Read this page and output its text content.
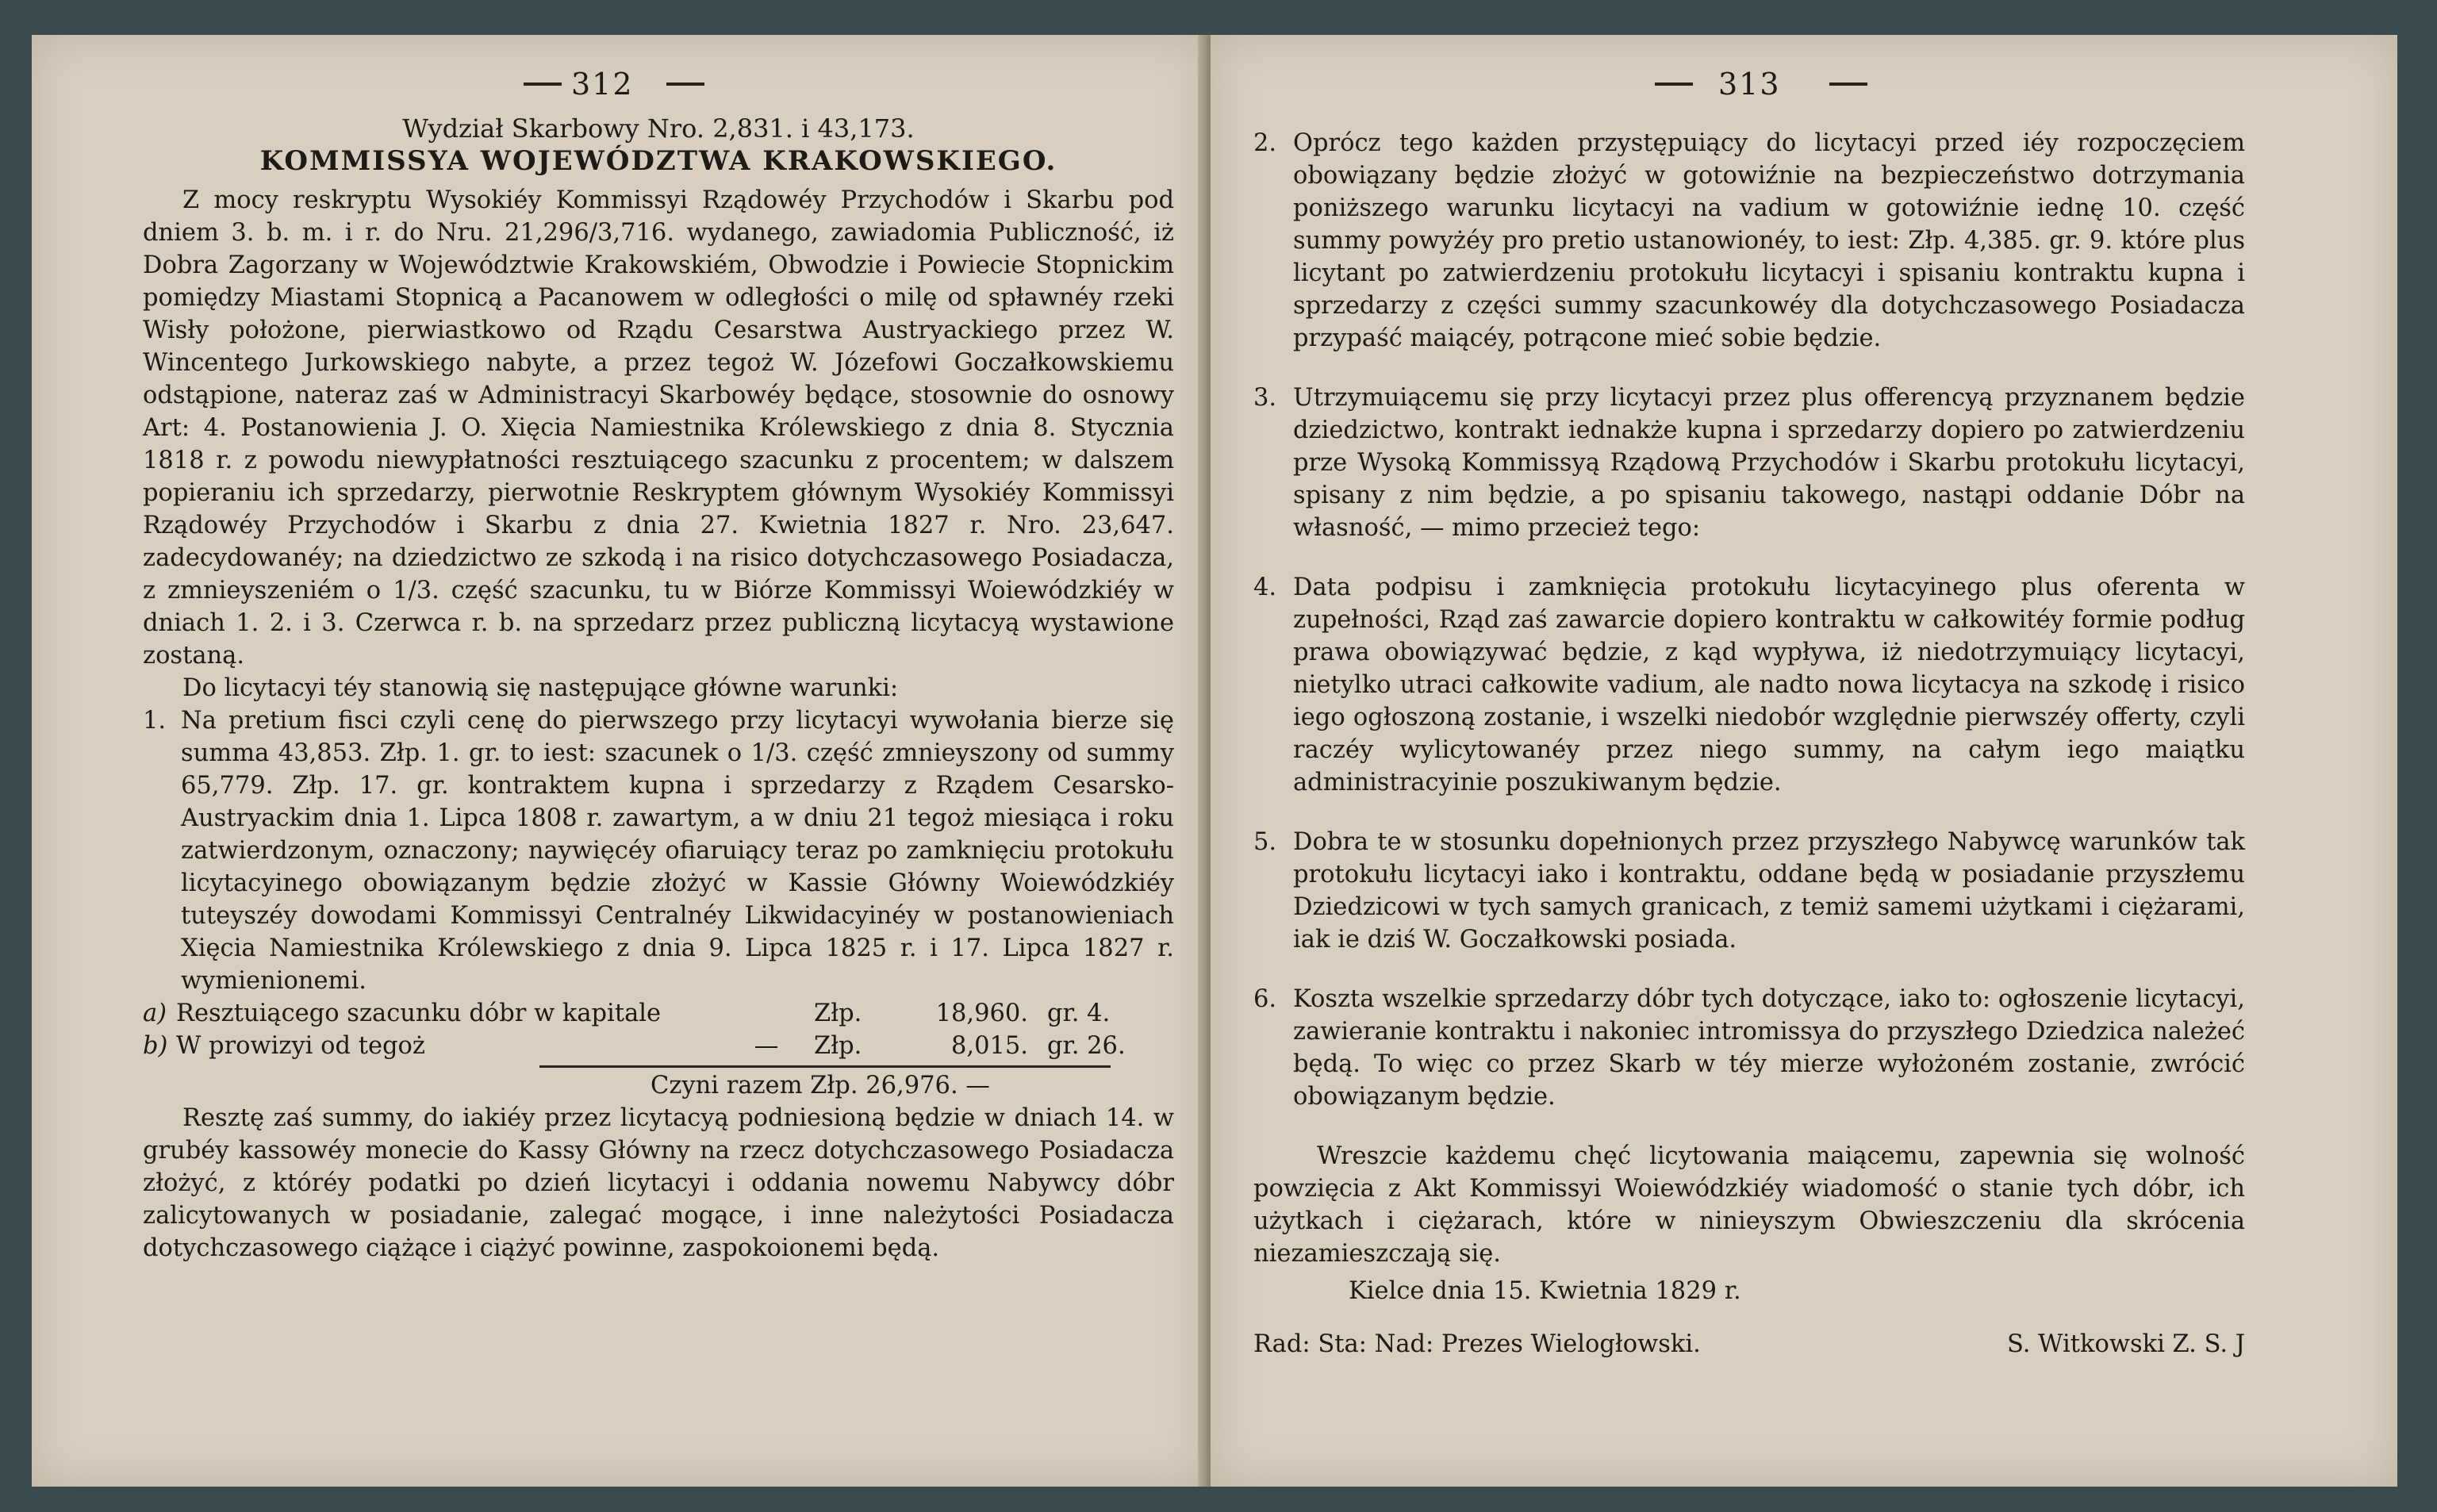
312	313
Wydział Skarbowy Nro. 2,831. i 43,173.
KOMMISSYA WOJEWÓDZTWA KRAKOWSKIEGO.
Z mocy reskryptu Wysokiéy Kommissyi Rządowéy Przychodów i Skarbu pod dniem 3. b. m. i r. do Nru. 21,296/3,716. wydanego, zawiadomia Publiczność, iż Dobra Zagorzany w Województwie Krakowskiém, Obwodzie i Powiecie Stopnickim pomiędzy Miastami Stopnicą a Pacanowem w odległości o milę od spławnéy rzeki Wisły położone, pierwiastkowo od Rządu Cesarstwa Austryackiego przez W. Wincentego Jurkowskiego nabyte, a przez tegoż W. Józefowi Goczałkowskiemu odstąpione, nateraz zaś w Administracyi Skarbowéy będące, stosownie do osnowy Art: 4. Postanowienia J. O. Xięcia Namiestnika Królewskiego z dnia 8. Stycznia 1818 r. z powodu niewypłatności resztuiącego szacunku z procentem; w dalszem popieraniu ich sprzedarzy, pierwotnie Reskryptem głównym Wysokiéy Kommissyi Rządowéy Przychodów i Skarbu z dnia 27. Kwietnia 1827 r. Nro. 23,647. zadecydowanéy; na dziedzictwo ze szkodą i na risico dotychczasowego Posiadacza, z zmnieyszeniém o 1/3. część szacunku, tu w Biórze Kommissyi Woiewódzkiéy w dniach 1. 2. i 3. Czerwca r. b. na sprzedarz przez publiczną licytacyą wystawione zostaną.
Do licytacyi téy stanowią się następujące główne warunki:
1. Na pretium fisci czyli cenę do pierwszego przy licytacyi wywołania bierze się summa 43,853. Złp. 1. gr. to iest: szacunek o 1/3. część zmnieyszony od summy 65,779. Złp. 17. gr. kontraktem kupna i sprzedarzy z Rządem Cesarsko-Austryackim dnia 1. Lipca 1808 r. zawartym, a w dniu 21 tegoż miesiąca i roku zatwierdzonym, oznaczony; naywięcéy ofiaruiący teraz po zamknięciu protokułu licytacyinego obowiązanym będzie złożyć w Kassie Główny Woiewódzkiéy tuteyszéy dowodami Kommissyi Centralnéy Likwidacyinéy w postanowieniach Xięcia Namiestnika Królewskiego z dnia 9. Lipca 1825 r. i 17. Lipca 1827 r. wymienionemi.
a) Resztuiącego szacunku dóbr w kapitale	Złp.	18,960. gr. 4.
b) W prowizyi od tegoż	—	Złp.	8,015. gr. 26.
Czyni razem Złp. 26,976. —
Resztę zaś summy, do iakiéy przez licytacyą podniesioną będzie w dniach 14. w grubéy kassowéy monecie do Kassy Główny na rzecz dotychczasowego Posiadacza złożyć, z któréy podatki po dzień licytacyi i oddania nowemu Nabywcy dóbr zalicytowanych w posiadanie, zalegać mogące, i inne należytości Posiadacza dotychczasowego ciążące i ciążyć powinne, zaspokoionemi będą.
2. Oprócz tego każden przystępuiący do licytacyi przed iéy rozpoczęciem obowiązany będzie złożyć w gotowiźnie na bezpieczeństwo dotrzymania poniższego warunku licytacyi na vadium w gotowiźnie iednę 10. część summy powyżéy pro pretio ustanowionéy, to iest: Złp. 4,385. gr. 9. które plus licytant po zatwierdzeniu protokułu licytacyi i spisaniu kontraktu kupna i sprzedarzy z części summy szacunkowéy dla dotychczasowego Posiadacza przypaść maiącéy, potrącone mieć sobie będzie.
3. Utrzymuiącemu się przy licytacyi przez plus offerencyą przyznanem będzie dziedzictwo, kontrakt iednakże kupna i sprzedarzy dopiero po zatwierdzeniu prze Wysoką Kommissyą Rządową Przychodów i Skarbu protokułu licytacyi, spisany z nim będzie, a po spisaniu takowego, nastąpi oddanie Dóbr na własność, — mimo przecież tego:
4. Data podpisu i zamknięcia protokułu licytacyinego plus oferenta w zupełności, Rząd zaś zawarcie dopiero kontraktu w całkowitéy formie podług prawa obowiązywać będzie, z kąd wypływa, iż niedotrzymuiący licytacyi, nietylko utraci całkowite vadium, ale nadto nowa licytacya na szkodę i risico iego ogłoszoną zostanie, i wszelki niedobór względnie pierwszéy offerty, czyli raczéy wylicytowanéy przez niego summy, na całym iego maiątku administracyinie poszukiwanym będzie.
5. Dobra te w stosunku dopełnionych przez przyszłego Nabywcę warunków tak protokułu licytacyi iako i kontraktu, oddane będą w posiadanie przyszłemu Dziedzicowi w tych samych granicach, z temiż samemi użytkami i ciężarami, iak ie dziś W. Goczałkowski posiada.
6. Koszta wszelkie sprzedarzy dóbr tych dotyczące, iako to: ogłoszenie licytacyi, zawieranie kontraktu i nakoniec intromissya do przyszłego Dziedzica należeć będą. To więc co przez Skarb w téy mierze wyłożoném zostanie, zwrócić obowiązanym będzie.
Wreszcie każdemu chęć licytowania maiącemu, zapewnia się wolność powzięcia z Akt Kommissyi Woiewódzkiéy wiadomość o stanie tych dóbr, ich użytkach i ciężarach, które w ninieyszym Obwieszczeniu dla skrócenia niezamieszczają się.
Kielce dnia 15. Kwietnia 1829 r.
Rad: Sta: Nad: Prezes Wielogłowski.	S. Witkowski Z. S. J
